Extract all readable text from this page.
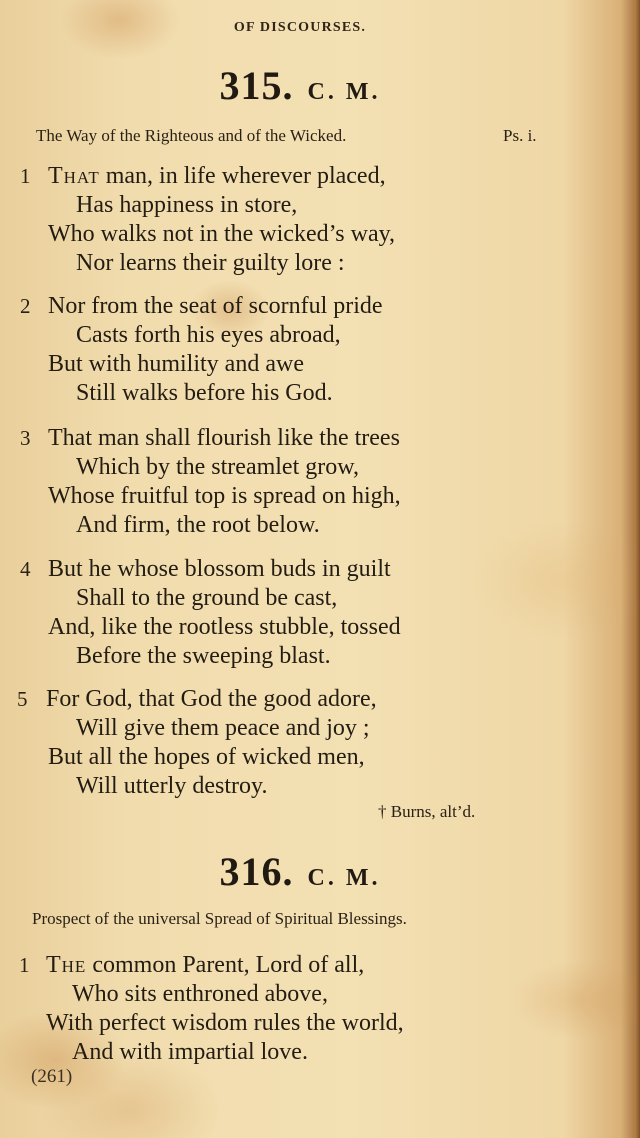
OF DISCOURSES.
315. C. M.
The Way of the Righteous and of the Wicked.	Ps. i.
1 That man, in life wherever placed,
Has happiness in store,
Who walks not in the wicked’s way,
Nor learns their guilty lore :
2 Nor from the seat of scornful pride
Casts forth his eyes abroad,
But with humility and awe
Still walks before his God.
3 That man shall flourish like the trees
Which by the streamlet grow,
Whose fruitful top is spread on high,
And firm, the root below.
4 But he whose blossom buds in guilt
Shall to the ground be cast,
And, like the rootless stubble, tossed
Before the sweeping blast.
5 For God, that God the good adore,
Will give them peace and joy ;
But all the hopes of wicked men,
Will utterly destroy.
† Burns, alt’d.
316. C. M.
Prospect of the universal Spread of Spiritual Blessings.
1 The common Parent, Lord of all,
Who sits enthroned above,
With perfect wisdom rules the world,
And with impartial love.
(261)
